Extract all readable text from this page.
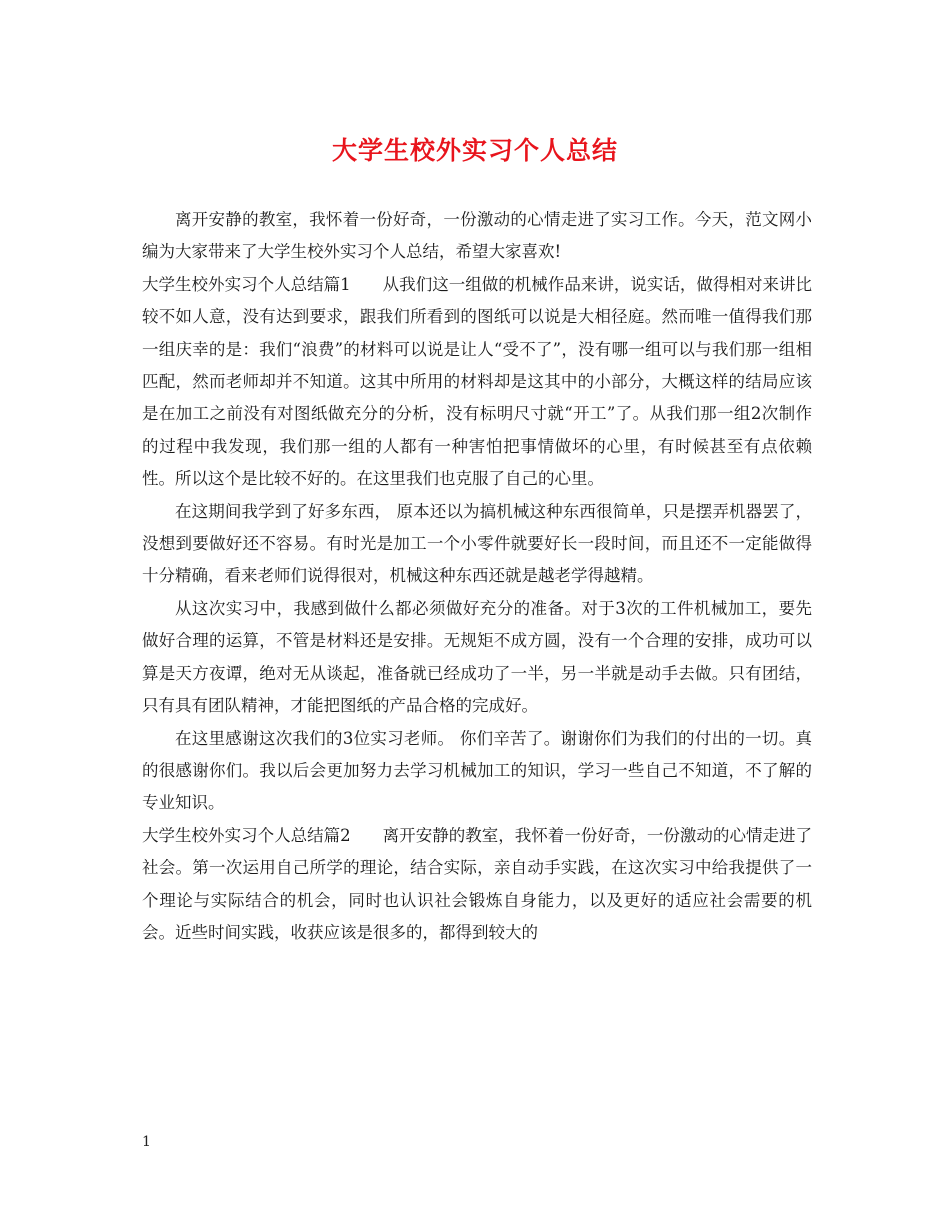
大学生校外实习个人总结

离开安静的教室，我怀着一份好奇，一份激动的心情走进了实习工作。今天，范文网小编为大家带来了大学生校外实习个人总结，希望大家喜欢!

大学生校外实习个人总结篇1 从我们这一组做的机械作品来讲，说实话，做得相对来讲比较不如人意，没有达到要求，跟我们所看到的图纸可以说是大相径庭。然而唯一值得我们那一组庆幸的是：我们“浪费”的材料可以说是让人“受不了”，没有哪一组可以与我们那一组相匹配，然而老师却并不知道。这其中所用的材料却是这其中的小部分，大概这样的结局应该是在加工之前没有对图纸做充分的分析，没有标明尺寸就“开工”了。从我们那一组2次制作的过程中我发现，我们那一组的人都有一种害怕把事情做坏的心里，有时候甚至有点依赖性。所以这个是比较不好的。在这里我们也克服了自己的心里。

在这期间我学到了好多东西， 原本还以为搞机械这种东西很简单，只是摆弄机器罢了，没想到要做好还不容易。有时光是加工一个小零件就要好长一段时间，而且还不一定能做得十分精确，看来老师们说得很对，机械这种东西还就是越老学得越精。

从这次实习中，我感到做什么都必须做好充分的准备。对于3次的工件机械加工，要先做好合理的运算，不管是材料还是安排。无规矩不成方圆，没有一个合理的安排，成功可以算是天方夜谭，绝对无从谈起，准备就已经成功了一半，另一半就是动手去做。只有团结，只有具有团队精神，才能把图纸的产品合格的完成好。

在这里感谢这次我们的3位实习老师。 你们辛苦了。谢谢你们为我们的付出的一切。真的很感谢你们。我以后会更加努力去学习机械加工的知识，学习一些自己不知道，不了解的专业知识。

大学生校外实习个人总结篇2 离开安静的教室，我怀着一份好奇，一份激动的心情走进了社会。第一次运用自己所学的理论，结合实际，亲自动手实践，在这次实习中给我提供了一个理论与实际结合的机会，同时也认识社会锻炼自身能力，以及更好的适应社会需要的机会。近些时间实践，收获应该是很多的，都得到较大的

1
